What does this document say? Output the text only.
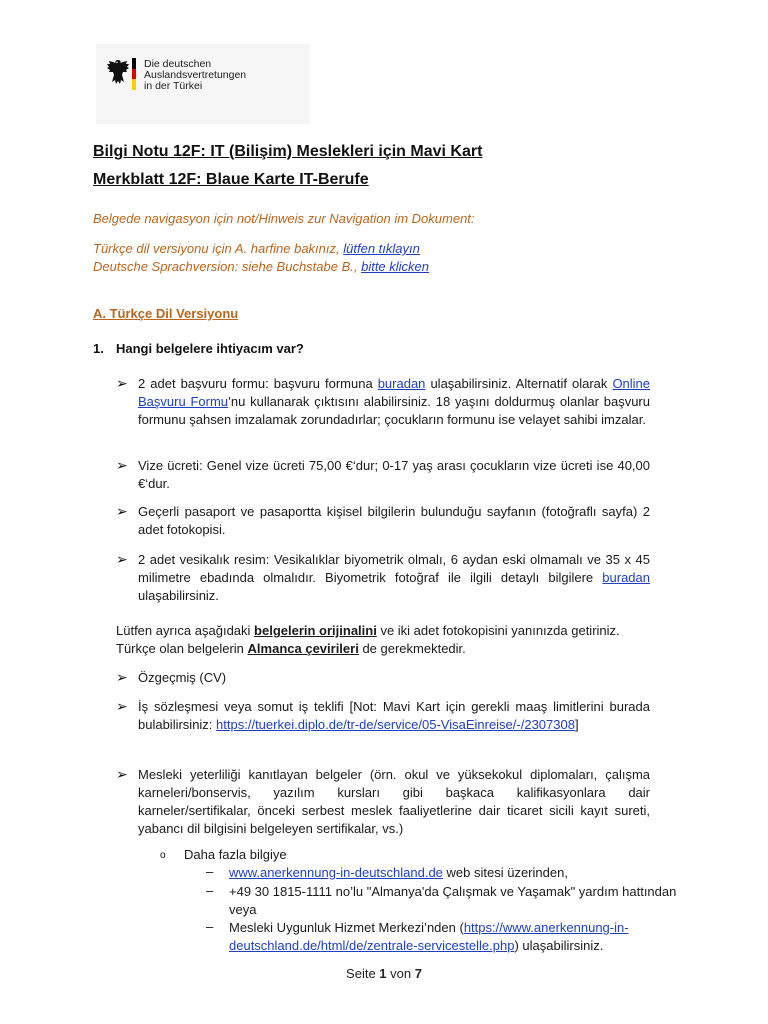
Die deutschen
Auslandsvertretungen
in der Türkei
Bilgi Notu 12F: IT (Bilişim) Meslekleri için Mavi Kart
Merkblatt 12F: Blaue Karte IT-Berufe
Belgede navigasyon için not/Hinweis zur Navigation im Dokument:
Türkçe dil versiyonu için A. harfine bakınız, lütfen tıklayın
Deutsche Sprachversion: siehe Buchstabe B., bitte klicken
A. Türkçe Dil Versiyonu
1. Hangi belgelere ihtiyacım var?
➢ 2 adet başvuru formu: başvuru formuna buradan ulaşabilirsiniz. Alternatif olarak Online Başvuru Formu’nu kullanarak çıktısını alabilirsiniz. 18 yaşını doldurmuş olanlar başvuru formunu şahsen imzalamak zorundadırlar; çocukların formunu ise velayet sahibi imzalar.
➢ Vize ücreti: Genel vize ücreti 75,00 €‘dur; 0-17 yaş arası çocukların vize ücreti ise 40,00 €‘dur.
➢ Geçerli pasaport ve pasaportta kişisel bilgilerin bulunduğu sayfanın (fotoğraflı sayfa) 2 adet fotokopisi.
➢ 2 adet vesikalık resim: Vesikalıklar biyometrik olmalı, 6 aydan eski olmamalı ve 35 x 45 milimetre ebadında olmalıdır. Biyometrik fotoğraf ile ilgili detaylı bilgilere buradan ulaşabilirsiniz.
Lütfen ayrıca aşağıdaki belgelerin orijinalini ve iki adet fotokopisini yanınızda getiriniz.
Türkçe olan belgelerin Almanca çevirileri de gerekmektedir.
➢ Özgeçmiş (CV)
➢ İş sözleşmesi veya somut iş teklifi [Not: Mavi Kart için gerekli maaş limitlerini burada bulabilirsiniz: https://tuerkei.diplo.de/tr-de/service/05-VisaEinreise/-/2307308]
➢ Mesleki yeterliliği kanıtlayan belgeler (örn. okul ve yüksekokul diplomaları, çalışma karneleri/bonservis, yazılım kursları gibi başkaca kalifikasyonlara dair karneler/sertifikalar, önceki serbest meslek faaliyetlerine dair ticaret sicili kayıt sureti, yabancı dil bilgisini belgeleyen sertifikalar, vs.)
o Daha fazla bilgiye
– www.anerkennung-in-deutschland.de web sitesi üzerinden,
– +49 30 1815-1111 no’lu "Almanya'da Çalışmak ve Yaşamak" yardım hattından veya
– Mesleki Uygunluk Hizmet Merkezi’nden (https://www.anerkennung-in-deutschland.de/html/de/zentrale-servicestelle.php) ulaşabilirsiniz.
Seite 1 von 7
